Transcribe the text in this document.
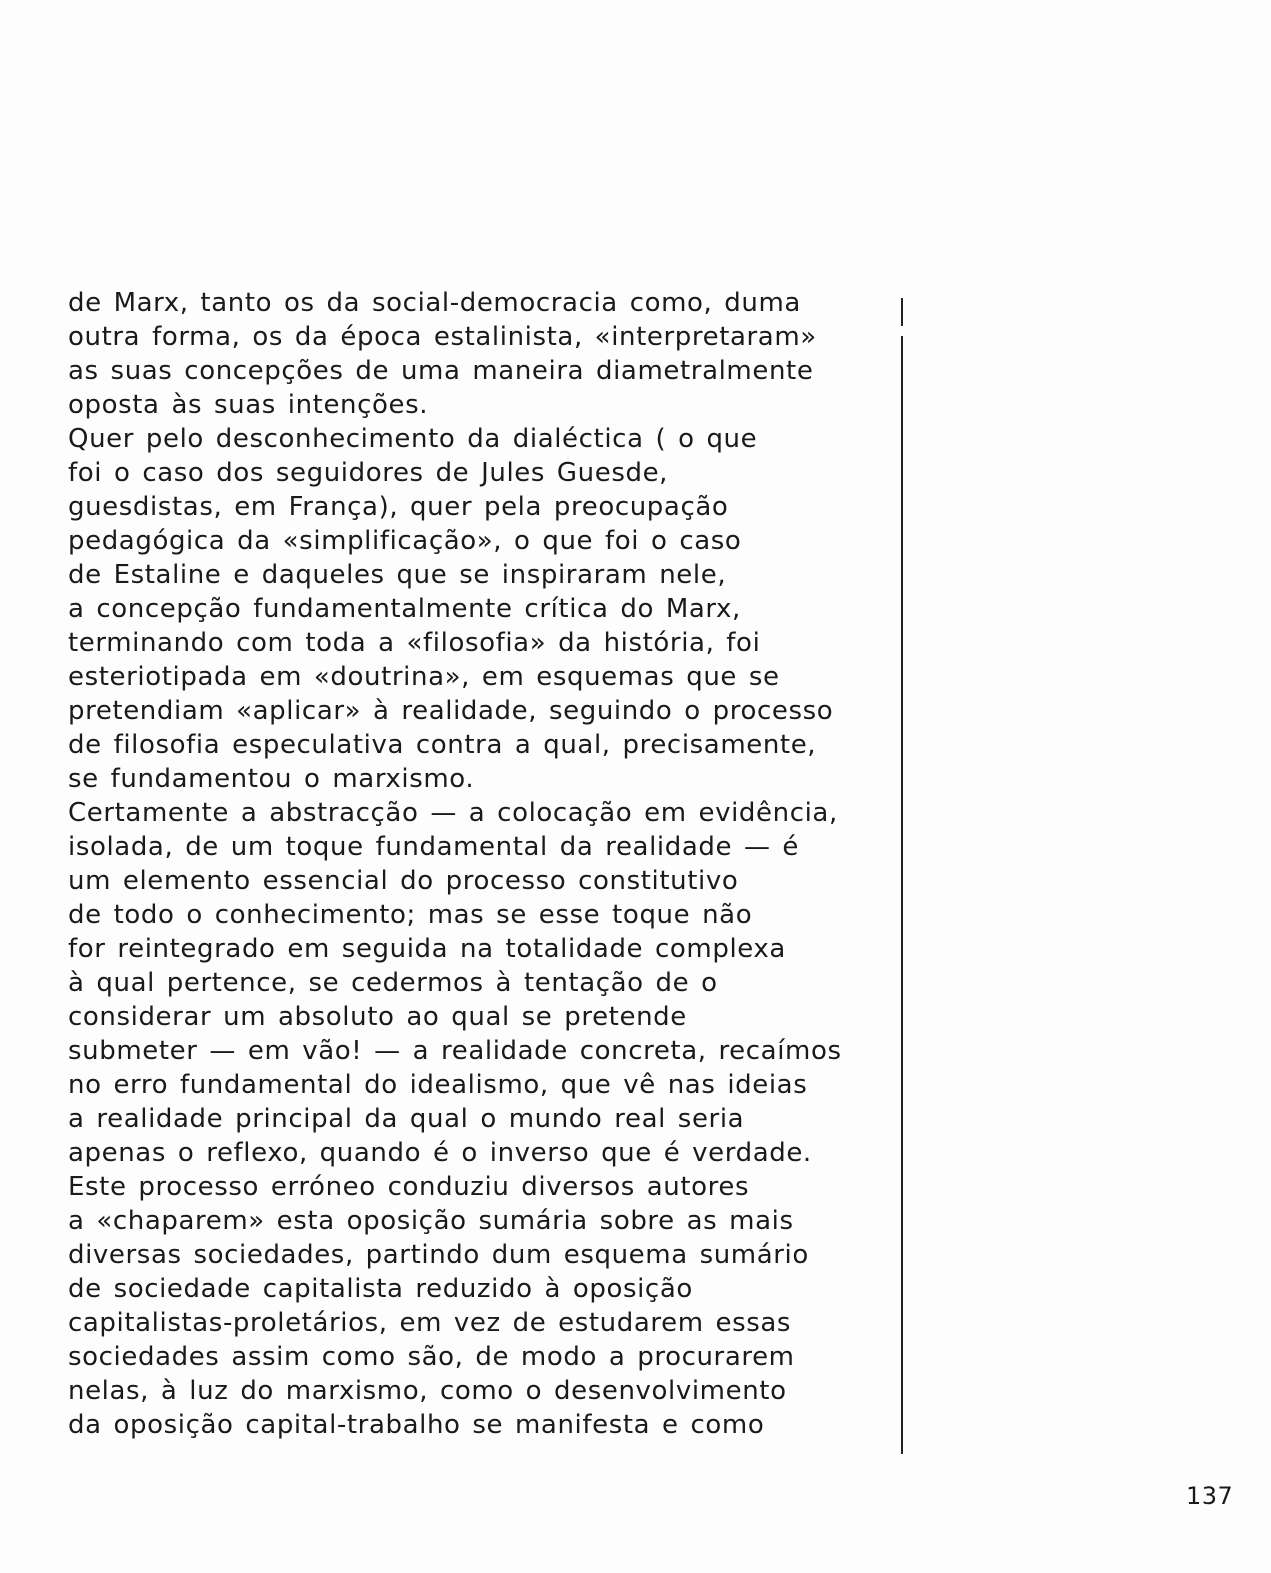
de Marx, tanto os da social-democracia como, duma
outra forma, os da época estalinista, «interpretaram»
as suas concepções de uma maneira diametralmente
oposta às suas intenções.
Quer pelo desconhecimento da dialéctica ( o que
foi o caso dos seguidores de Jules Guesde,
guesdistas, em França), quer pela preocupação
pedagógica da «simplificação», o que foi o caso
de Estaline e daqueles que se inspiraram nele,
a concepção fundamentalmente crítica do Marx,
terminando com toda a «filosofia» da história, foi
esteriotipada em «doutrina», em esquemas que se
pretendiam «aplicar» à realidade, seguindo o processo
de filosofia especulativa contra a qual, precisamente,
se fundamentou o marxismo.
Certamente a abstracção — a colocação em evidência,
isolada, de um toque fundamental da realidade — é
um elemento essencial do processo constitutivo
de todo o conhecimento; mas se esse toque não
for reintegrado em seguida na totalidade complexa
à qual pertence, se cedermos à tentação de o
considerar um absoluto ao qual se pretende
submeter — em vão! — a realidade concreta, recaímos
no erro fundamental do idealismo, que vê nas ideias
a realidade principal da qual o mundo real seria
apenas o reflexo, quando é o inverso que é verdade.
Este processo erróneo conduziu diversos autores
a «chaparem» esta oposição sumária sobre as mais
diversas sociedades, partindo dum esquema sumário
de sociedade capitalista reduzido à oposição
capitalistas-proletários, em vez de estudarem essas
sociedades assim como são, de modo a procurarem
nelas, à luz do marxismo, como o desenvolvimento
da oposição capital-trabalho se manifesta e como
137
